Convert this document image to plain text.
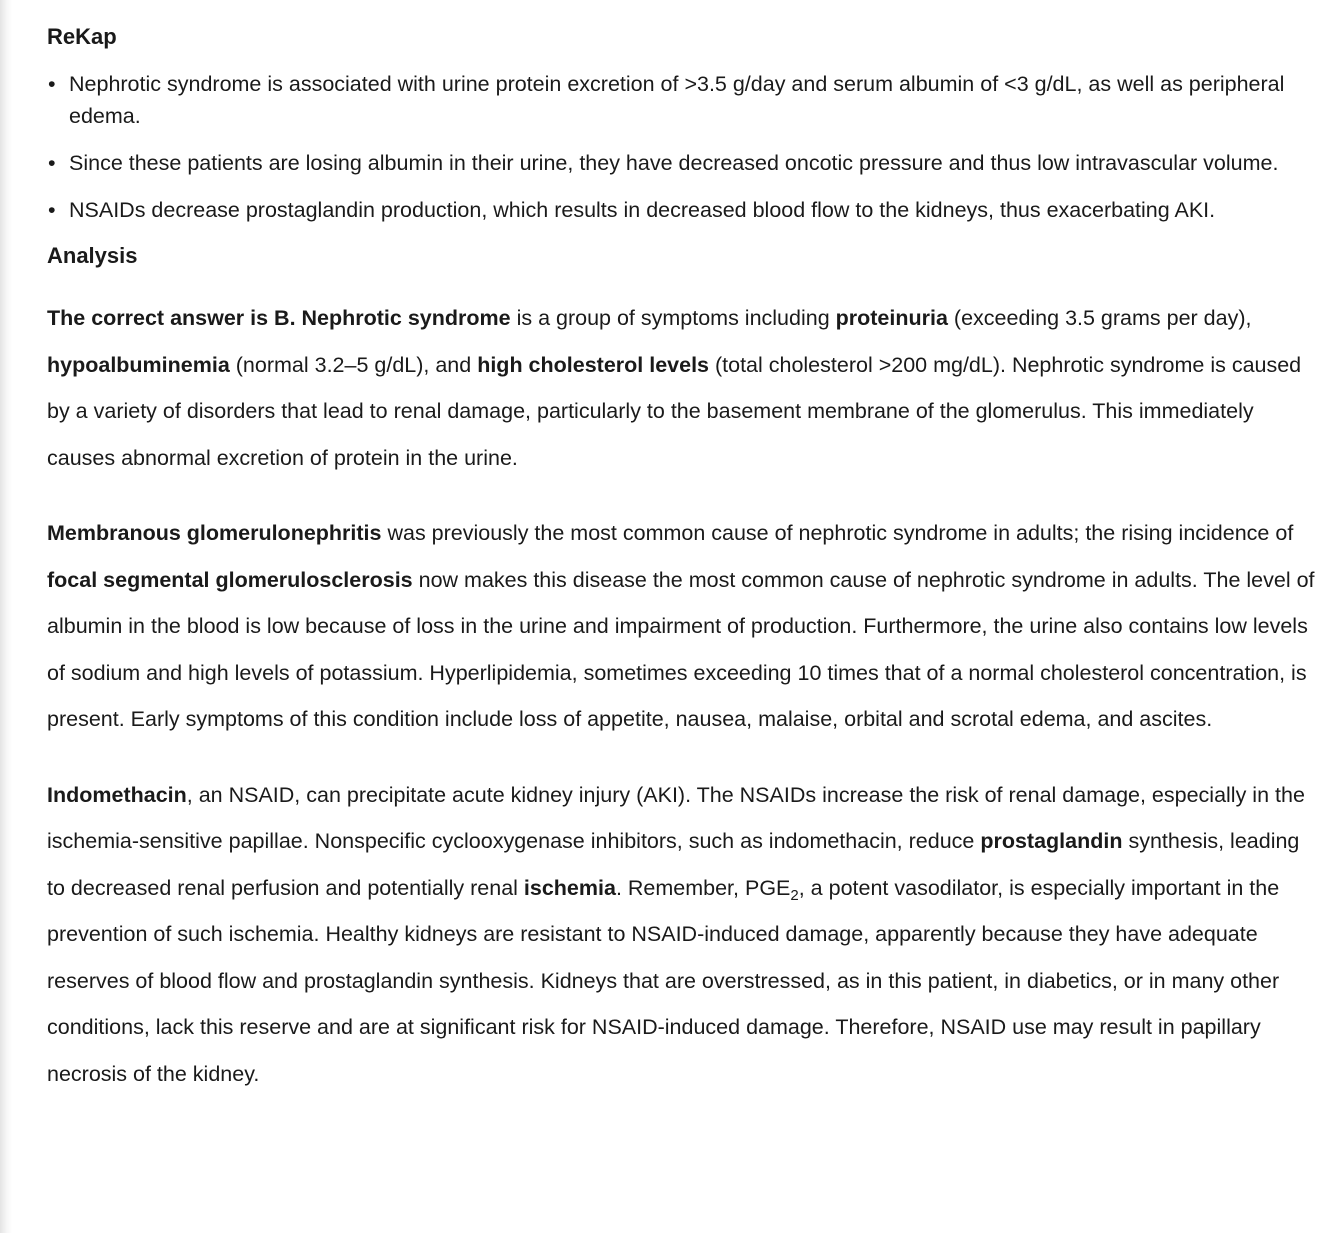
ReKap
• Nephrotic syndrome is associated with urine protein excretion of >3.5 g/day and serum albumin of <3 g/dL, as well as peripheral edema.
• Since these patients are losing albumin in their urine, they have decreased oncotic pressure and thus low intravascular volume.
• NSAIDs decrease prostaglandin production, which results in decreased blood flow to the kidneys, thus exacerbating AKI.
Analysis

The correct answer is B. Nephrotic syndrome is a group of symptoms including proteinuria (exceeding 3.5 grams per day), hypoalbuminemia (normal 3.2–5 g/dL), and high cholesterol levels (total cholesterol >200 mg/dL). Nephrotic syndrome is caused by a variety of disorders that lead to renal damage, particularly to the basement membrane of the glomerulus. This immediately causes abnormal excretion of protein in the urine.

Membranous glomerulonephritis was previously the most common cause of nephrotic syndrome in adults; the rising incidence of focal segmental glomerulosclerosis now makes this disease the most common cause of nephrotic syndrome in adults. The level of albumin in the blood is low because of loss in the urine and impairment of production. Furthermore, the urine also contains low levels of sodium and high levels of potassium. Hyperlipidemia, sometimes exceeding 10 times that of a normal cholesterol concentration, is present. Early symptoms of this condition include loss of appetite, nausea, malaise, orbital and scrotal edema, and ascites.

Indomethacin, an NSAID, can precipitate acute kidney injury (AKI). The NSAIDs increase the risk of renal damage, especially in the ischemia-sensitive papillae. Nonspecific cyclooxygenase inhibitors, such as indomethacin, reduce prostaglandin synthesis, leading to decreased renal perfusion and potentially renal ischemia. Remember, $PGE_2$, a potent vasodilator, is especially important in the prevention of such ischemia. Healthy kidneys are resistant to NSAID-induced damage, apparently because they have adequate reserves of blood flow and prostaglandin synthesis. Kidneys that are overstressed, as in this patient, in diabetics, or in many other conditions, lack this reserve and are at significant risk for NSAID-induced damage. Therefore, NSAID use may result in papillary necrosis of the kidney.
